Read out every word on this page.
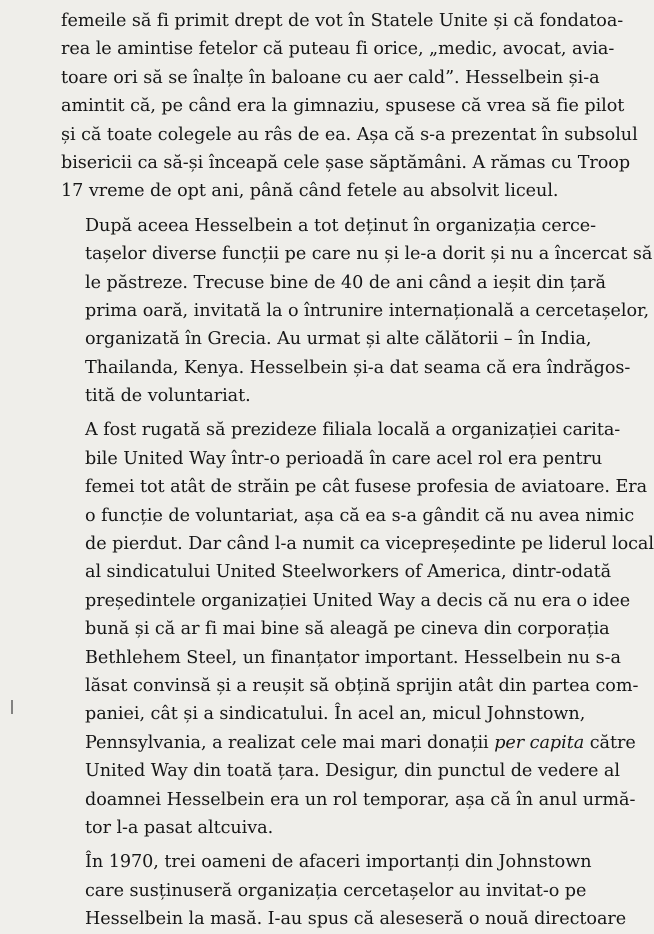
femeile să fi primit drept de vot în Statele Unite și că fondatoa-
rea le amintise fetelor că puteau fi orice, „medic, avocat, avia-
toare ori să se înalțe în baloane cu aer cald”. Hesselbein și-a
amintit că, pe când era la gimnaziu, spusese că vrea să fie pilot
și că toate colegele au râs de ea. Așa că s-a prezentat în subsolul
bisericii ca să-și înceapă cele șase săptămâni. A rămas cu Troop
17 vreme de opt ani, până când fetele au absolvit liceul.

După aceea Hesselbein a tot deținut în organizația cerce-
tașelor diverse funcții pe care nu și le-a dorit și nu a încercat să
le păstreze. Trecuse bine de 40 de ani când a ieșit din țară
prima oară, invitată la o întrunire internațională a cercetașelor,
organizată în Grecia. Au urmat și alte călătorii – în India,
Thailanda, Kenya. Hesselbein și-a dat seama că era îndrăgos-
tită de voluntariat.

A fost rugată să prezideze filiala locală a organizației carita-
bile United Way într-o perioadă în care acel rol era pentru
femei tot atât de străin pe cât fusese profesia de aviatoare. Era
o funcție de voluntariat, așa că ea s-a gândit că nu avea nimic
de pierdut. Dar când l-a numit ca vicepreședinte pe liderul local
al sindicatului United Steelworkers of America, dintr-odată
președintele organizației United Way a decis că nu era o idee
bună și că ar fi mai bine să aleagă pe cineva din corporația
Bethlehem Steel, un finanțator important. Hesselbein nu s-a
lăsat convinsă și a reușit să obțină sprijin atât din partea com-
paniei, cât și a sindicatului. În acel an, micul Johnstown,
Pennsylvania, a realizat cele mai mari donații per capita către
United Way din toată țara. Desigur, din punctul de vedere al
doamnei Hesselbein era un rol temporar, așa că în anul urmă-
tor l-a pasat altcuiva.

În 1970, trei oameni de afaceri importanți din Johnstown
care susținuseră organizația cercetașelor au invitat-o pe
Hesselbein la masă. I-au spus că aleseseră o nouă directoare
